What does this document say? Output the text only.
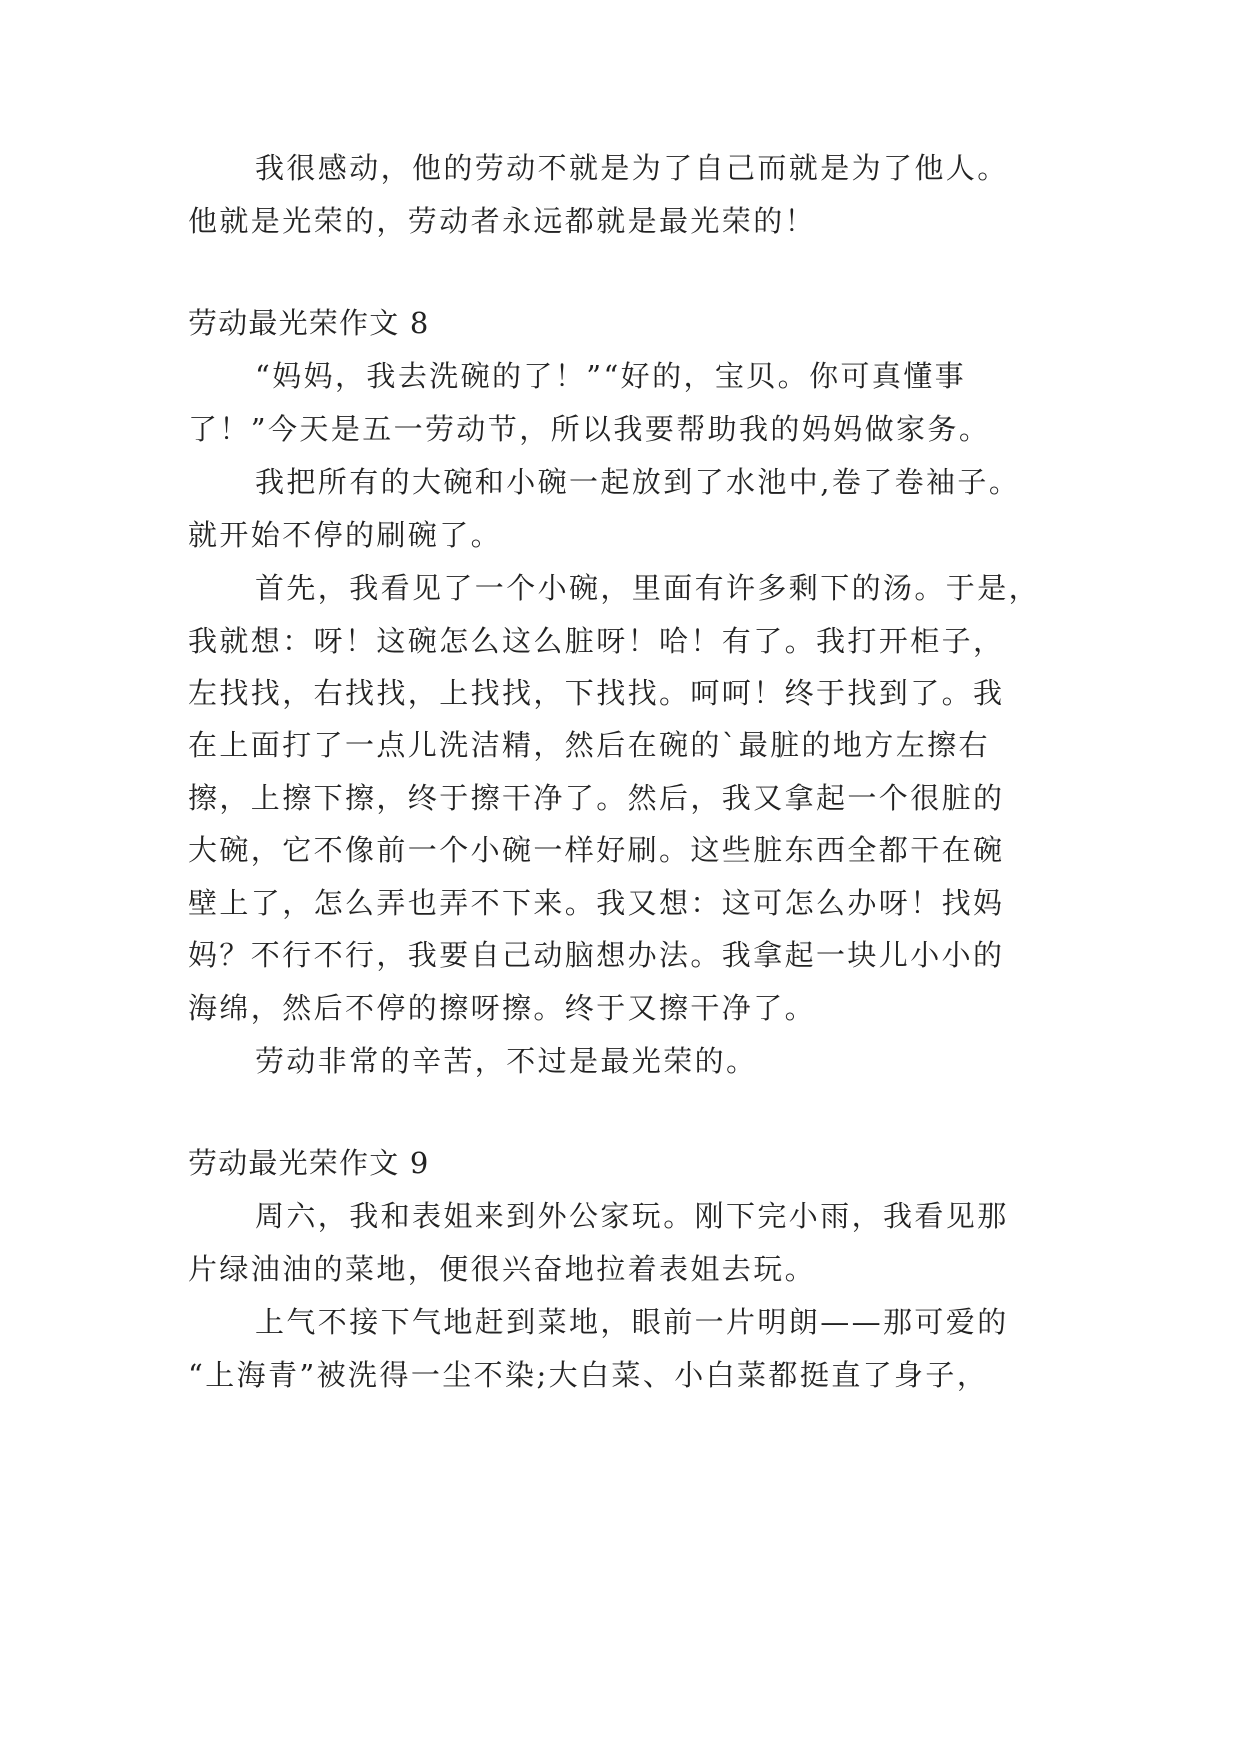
我很感动，他的劳动不就是为了自己而就是为了他人。
他就是光荣的，劳动者永远都就是最光荣的！
劳动最光荣作文 8
“妈妈，我去洗碗的了！”“好的，宝贝。你可真懂事
了！”今天是五一劳动节，所以我要帮助我的妈妈做家务。
我把所有的大碗和小碗一起放到了水池中,卷了卷袖子。
就开始不停的刷碗了。
首先，我看见了一个小碗，里面有许多剩下的汤。于是，
我就想：呀！这碗怎么这么脏呀！哈！有了。我打开柜子，
左找找，右找找，上找找，下找找。呵呵！终于找到了。我
在上面打了一点儿洗洁精，然后在碗的`最脏的地方左擦右
擦，上擦下擦，终于擦干净了。然后，我又拿起一个很脏的
大碗，它不像前一个小碗一样好刷。这些脏东西全都干在碗
壁上了，怎么弄也弄不下来。我又想：这可怎么办呀！找妈
妈？不行不行，我要自己动脑想办法。我拿起一块儿小小的
海绵，然后不停的擦呀擦。终于又擦干净了。
劳动非常的辛苦，不过是最光荣的。
劳动最光荣作文 9
周六，我和表姐来到外公家玩。刚下完小雨，我看见那
片绿油油的菜地，便很兴奋地拉着表姐去玩。
上气不接下气地赶到菜地，眼前一片明朗——那可爱的
“上海青”被洗得一尘不染;大白菜、小白菜都挺直了身子，
